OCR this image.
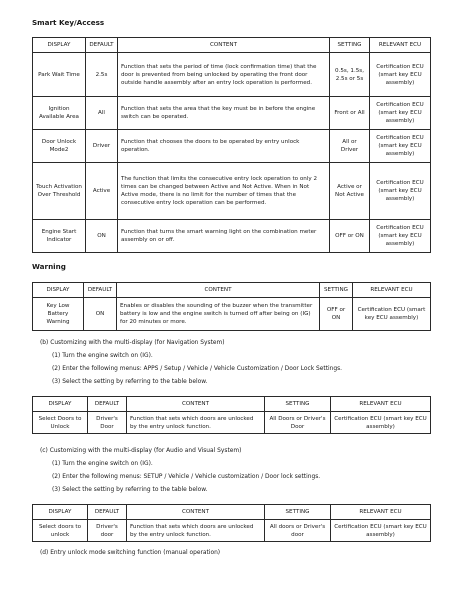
Smart Key/Access
DISPLAY	DEFAULT	CONTENT	SETTING	RELEVANT ECU
Park Wait Time	2.5s	Function that sets the period of time (lock confirmation time) that the door is prevented from being unlocked by operating the front door outside handle assembly after an entry lock operation is performed.	0.5s, 1.5s, 2.5s or 5s	Certification ECU (smart key ECU assembly)
Ignition Available Area	All	Function that sets the area that the key must be in before the engine switch can be operated.	Front or All	Certification ECU (smart key ECU assembly)
Door Unlock Mode2	Driver	Function that chooses the doors to be operated by entry unlock operation.	All or Driver	Certification ECU (smart key ECU assembly)
Touch Activation Over Threshold	Active	The function that limits the consecutive entry lock operation to only 2 times can be changed between Active and Not Active. When in Not Active mode, there is no limit for the number of times that the consecutive entry lock operation can be performed.	Active or Not Active	Certification ECU (smart key ECU assembly)
Engine Start Indicator	ON	Function that turns the smart warning light on the combination meter assembly on or off.	OFF or ON	Certification ECU (smart key ECU assembly)
Warning
DISPLAY	DEFAULT	CONTENT	SETTING	RELEVANT ECU
Key Low Battery Warning	ON	Enables or disables the sounding of the buzzer when the transmitter battery is low and the engine switch is turned off after being on (IG) for 20 minutes or more.	OFF or ON	Certification ECU (smart key ECU assembly)
(b) Customizing with the multi-display (for Navigation System)
(1) Turn the engine switch on (IG).
(2) Enter the following menus: APPS / Setup / Vehicle / Vehicle Customization / Door Lock Settings.
(3) Select the setting by referring to the table below.
DISPLAY	DEFAULT	CONTENT	SETTING	RELEVANT ECU
Select Doors to Unlock	Driver's Door	Function that sets which doors are unlocked by the entry unlock function.	All Doors or Driver's Door	Certification ECU (smart key ECU assembly)
(c) Customizing with the multi-display (for Audio and Visual System)
(1) Turn the engine switch on (IG).
(2) Enter the following menus: SETUP / Vehicle / Vehicle customization / Door lock settings.
(3) Select the setting by referring to the table below.
DISPLAY	DEFAULT	CONTENT	SETTING	RELEVANT ECU
Select doors to unlock	Driver's door	Function that sets which doors are unlocked by the entry unlock function.	All doors or Driver's door	Certification ECU (smart key ECU assembly)
(d) Entry unlock mode switching function (manual operation)
